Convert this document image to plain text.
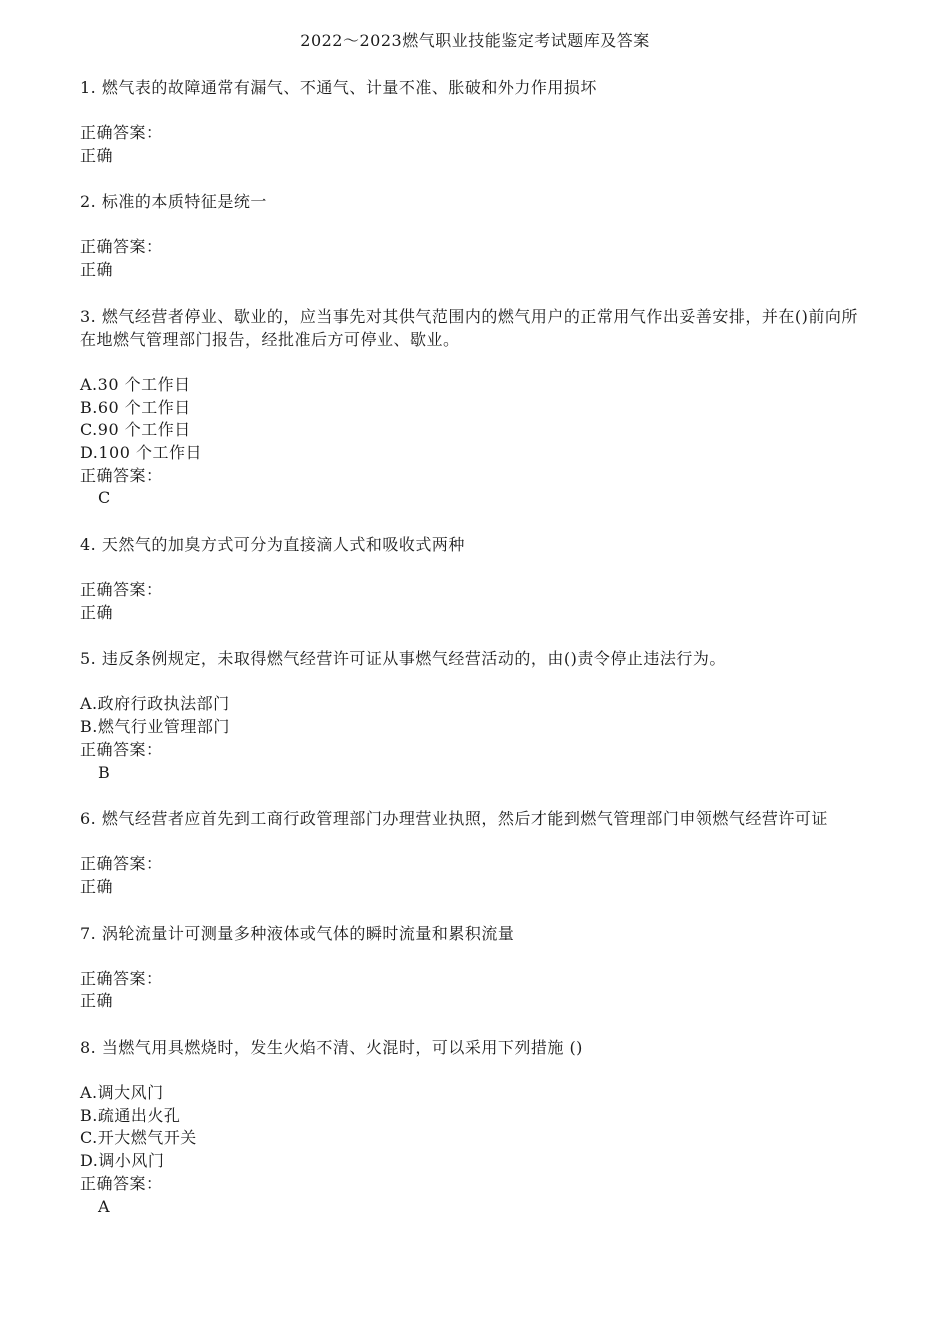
2022～2023燃气职业技能鉴定考试题库及答案

1. 燃气表的故障通常有漏气、不通气、计量不准、胀破和外力作用损坏

正确答案：

正确

2. 标准的本质特征是统一

正确答案：

正确

3. 燃气经营者停业、歇业的，应当事先对其供气范围内的燃气用户的正常用气作出妥善安排，并在()前向所在地燃气管理部门报告，经批准后方可停业、歇业。

A.30 个工作日

B.60 个工作日

C.90 个工作日

D.100 个工作日

正确答案：

C

4. 天然气的加臭方式可分为直接滴人式和吸收式两种

正确答案：

正确

5. 违反条例规定，未取得燃气经营许可证从事燃气经营活动的，由()责令停止违法行为。

A.政府行政执法部门

B.燃气行业管理部门

正确答案：

B

6. 燃气经营者应首先到工商行政管理部门办理营业执照，然后才能到燃气管理部门申领燃气经营许可证

正确答案：

正确

7. 涡轮流量计可测量多种液体或气体的瞬时流量和累积流量

正确答案：

正确

8. 当燃气用具燃烧时，发生火焰不清、火混时，可以采用下列措施 ()

A.调大风门

B.疏通出火孔

C.开大燃气开关

D.调小风门

正确答案：

A
